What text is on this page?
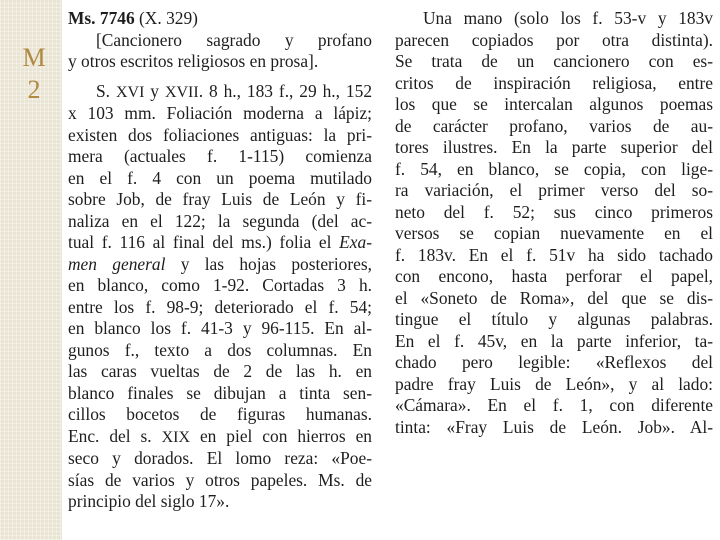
M
2
Ms. 7746 (X. 329)
[Cancionero sagrado y profano
y otros escritos religiosos en prosa].
S. XVI y XVII. 8 h., 183 f., 29 h., 152
x 103 mm. Foliación moderna a lápiz;
existen dos foliaciones antiguas: la pri-
mera (actuales f. 1-115) comienza
en el f. 4 con un poema mutilado
sobre Job, de fray Luis de León y fi-
naliza en el 122; la segunda (del ac-
tual f. 116 al final del ms.) folia el Exa-
men general y las hojas posteriores,
en blanco, como 1-92. Cortadas 3 h.
entre los f. 98-9; deteriorado el f. 54;
en blanco los f. 41-3 y 96-115. En al-
gunos f., texto a dos columnas. En
las caras vueltas de 2 de las h. en
blanco finales se dibujan a tinta sen-
cillos bocetos de figuras humanas.
Enc. del s. XIX en piel con hierros en
seco y dorados. El lomo reza: «Poe-
sías de varios y otros papeles. Ms. de
principio del siglo 17».
Una mano (solo los f. 53-v y 183v
parecen copiados por otra distinta).
Se trata de un cancionero con es-
critos de inspiración religiosa, entre
los que se intercalan algunos poemas
de carácter profano, varios de au-
tores ilustres. En la parte superior del
f. 54, en blanco, se copia, con lige-
ra variación, el primer verso del so-
neto del f. 52; sus cinco primeros
versos se copian nuevamente en el
f. 183v. En el f. 51v ha sido tachado
con encono, hasta perforar el papel,
el «Soneto de Roma», del que se dis-
tingue el título y algunas palabras.
En el f. 45v, en la parte inferior, ta-
chado pero legible: «Reflexos del
padre fray Luis de León», y al lado:
«Cámara». En el f. 1, con diferente
tinta: «Fray Luis de León. Job». Al-
